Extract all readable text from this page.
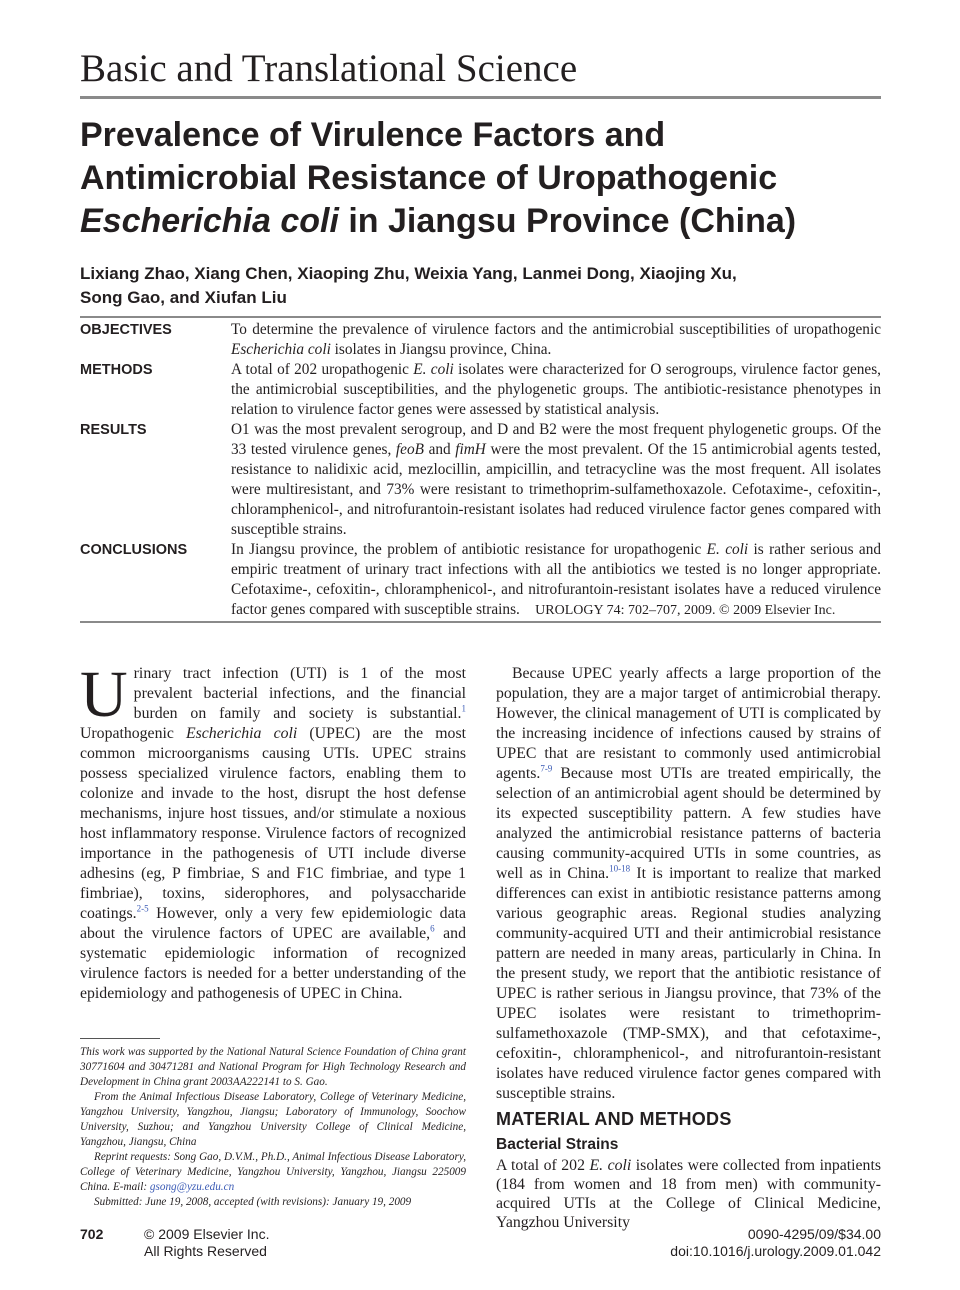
Basic and Translational Science
Prevalence of Virulence Factors and
Antimicrobial Resistance of Uropathogenic
Escherichia coli in Jiangsu Province (China)
Lixiang Zhao, Xiang Chen, Xiaoping Zhu, Weixia Yang, Lanmei Dong, Xiaojing Xu,
Song Gao, and Xiufan Liu
OBJECTIVES	To determine the prevalence of virulence factors and the antimicrobial susceptibilities of uropathogenic Escherichia coli isolates in Jiangsu province, China.
METHODS	A total of 202 uropathogenic E. coli isolates were characterized for O serogroups, virulence factor genes, the antimicrobial susceptibilities, and the phylogenetic groups. The antibiotic-resistance phenotypes in relation to virulence factor genes were assessed by statistical analysis.
RESULTS	O1 was the most prevalent serogroup, and D and B2 were the most frequent phylogenetic groups. Of the 33 tested virulence genes, feoB and fimH were the most prevalent. Of the 15 antimicrobial agents tested, resistance to nalidixic acid, mezlocillin, ampicillin, and tetracycline was the most frequent. All isolates were multiresistant, and 73% were resistant to trimethoprim-sulfamethoxazole. Cefotaxime-, cefoxitin-, chloramphenicol-, and nitrofurantoin-resistant isolates had reduced virulence factor genes compared with susceptible strains.
CONCLUSIONS	In Jiangsu province, the problem of antibiotic resistance for uropathogenic E. coli is rather serious and empiric treatment of urinary tract infections with all the antibiotics we tested is no longer appropriate. Cefotaxime-, cefoxitin-, chloramphenicol-, and nitrofurantoin-resistant isolates have a reduced virulence factor genes compared with susceptible strains. UROLOGY 74: 702–707, 2009. © 2009 Elsevier Inc.

Urinary tract infection (UTI) is 1 of the most prevalent bacterial infections, and the financial burden on family and society is substantial.$^1$ Uropathogenic Escherichia coli (UPEC) are the most common microorganisms causing UTIs. UPEC strains possess specialized virulence factors, enabling them to colonize and invade to the host, disrupt the host defense mechanisms, injure host tissues, and/or stimulate a noxious host inflammatory response. Virulence factors of recognized importance in the pathogenesis of UTI include diverse adhesins (eg, P fimbriae, S and F1C fimbriae, and type 1 fimbriae), toxins, siderophores, and polysaccharide coatings.$^{2-5}$ However, only a very few epidemiologic data about the virulence factors of UPEC are available,$^6$ and systematic epidemiologic information of recognized virulence factors is needed for a better understanding of the epidemiology and pathogenesis of UPEC in China.

Because UPEC yearly affects a large proportion of the population, they are a major target of antimicrobial therapy. However, the clinical management of UTI is complicated by the increasing incidence of infections caused by strains of UPEC that are resistant to commonly used antimicrobial agents.$^{7-9}$ Because most UTIs are treated empirically, the selection of an antimicrobial agent should be determined by its expected susceptibility pattern. A few studies have analyzed the antimicrobial resistance patterns of bacteria causing community-acquired UTIs in some countries, as well as in China.$^{10-18}$ It is important to realize that marked differences can exist in antibiotic resistance patterns among various geographic areas. Regional studies analyzing community-acquired UTI and their antimicrobial resistance pattern are needed in many areas, particularly in China. In the present study, we report that the antibiotic resistance of UPEC is rather serious in Jiangsu province, that 73% of the UPEC isolates were resistant to trimethoprim-sulfamethoxazole (TMP-SMX), and that cefotaxime-, cefoxitin-, chloramphenicol-, and nitrofurantoin-resistant isolates have reduced virulence factor genes compared with susceptible strains.

This work was supported by the National Natural Science Foundation of China grant 30771604 and 30471281 and National Program for High Technology Research and Development in China grant 2003AA222141 to S. Gao.

From the Animal Infectious Disease Laboratory, College of Veterinary Medicine, Yangzhou University, Yangzhou, Jiangsu; Laboratory of Immunology, Soochow University, Suzhou; and Yangzhou University College of Clinical Medicine, Yangzhou, Jiangsu, China

Reprint requests: Song Gao, D.V.M., Ph.D., Animal Infectious Disease Laboratory, College of Veterinary Medicine, Yangzhou University, Yangzhou, Jiangsu 225009 China. E-mail: gsong@yzu.edu.cn

Submitted: June 19, 2008, accepted (with revisions): January 19, 2009

MATERIAL AND METHODS
Bacterial Strains

A total of 202 E. coli isolates were collected from inpatients (184 from women and 18 from men) with community-acquired UTIs at the College of Clinical Medicine, Yangzhou University

702	© 2009 Elsevier Inc.
All Rights Reserved
0090-4295/09/$34.00
doi:10.1016/j.urology.2009.01.042
